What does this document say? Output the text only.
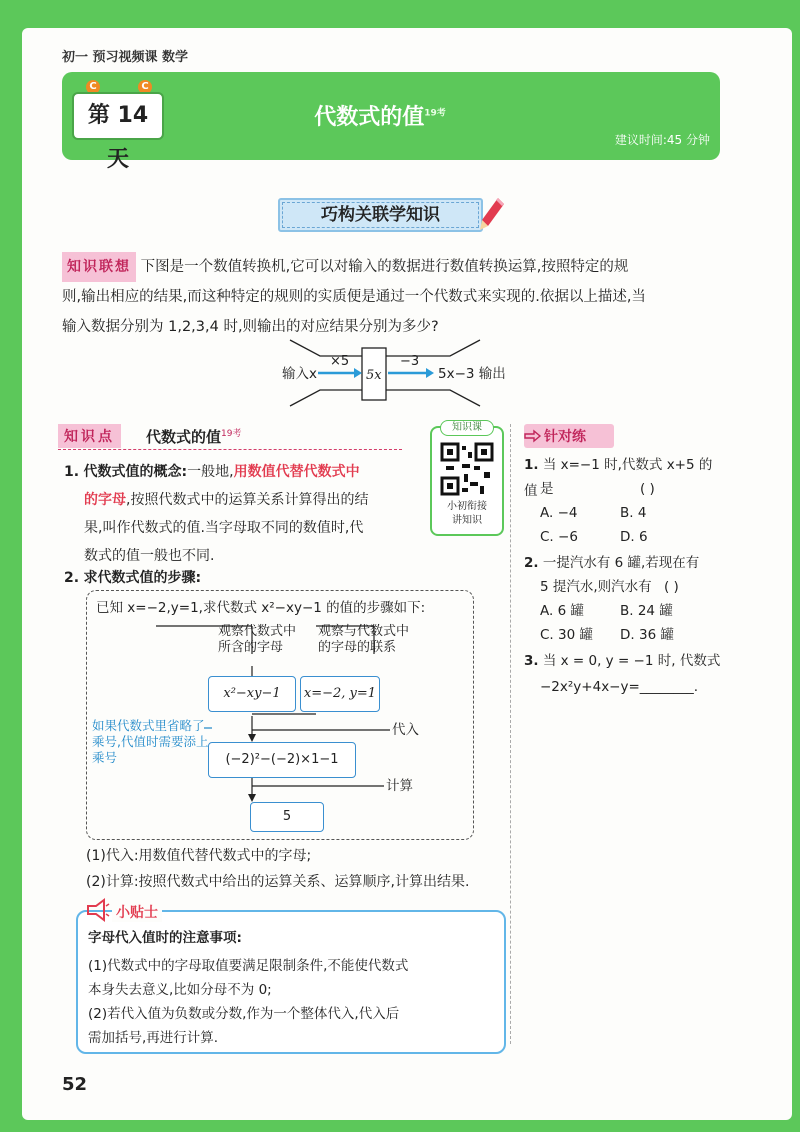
初一 预习视频课 数学
C	C
第 14 天
代数式的值$^{19考}$
建议时间:45 分钟
巧构关联学知识
知识联想 下图是一个数值转换机,它可以对输入的数据进行数值转换运算,按照特定的规
则,输出相应的结果,而这种特定的规则的实质便是通过一个代数式来实现的.依据以上描述,当
输入数据分别为 1,2,3,4 时,则输出的对应结果分别为多少?
输入x
×5
5x
−3
5x−3 输出
知识点	代数式的值$^{19考}$
知识课
小初衔接
讲知识
1. 代数式值的概念:一般地,用数值代替代数式中
的字母,按照代数式中的运算关系计算得出的结
果,叫作代数式的值.当字母取不同的数值时,代
数式的值一般也不同.
2. 求代数式值的步骤:
已知 x=−2,y=1,求代数式 x²−xy−1 的值的步骤如下:
观察代数式中
所含的字母
观察与代数式中
的字母的联系
x²−xy−1	x=−2, y=1
代入
(−2)²−(−2)×1−1
计算
5
如果代数式里省略了乘号,代值时需要添上乘号
(1)代入:用数值代替代数式中的字母;
(2)计算:按照代数式中给出的运算关系、运算顺序,计算出结果.
小贴士
字母代入值时的注意事项:
(1)代数式中的字母取值要满足限制条件,不能使代数式
本身失去意义,比如分母不为 0;
(2)若代入值为负数或分数,作为一个整体代入,代入后
需加括号,再进行计算.
52
针对练
1. 当 x=−1 时,代数式 x+5 的值 是	( )
A. −4	B. 4
C. −6	D. 6
2. 一提汽水有 6 罐,若现在有
5 提汽水,则汽水有 ( )
A. 6 罐	B. 24 罐
C. 30 罐 D. 36 罐
3. 当 x = 0, y = −1 时, 代数式
−2x²y+4x−y=________.
